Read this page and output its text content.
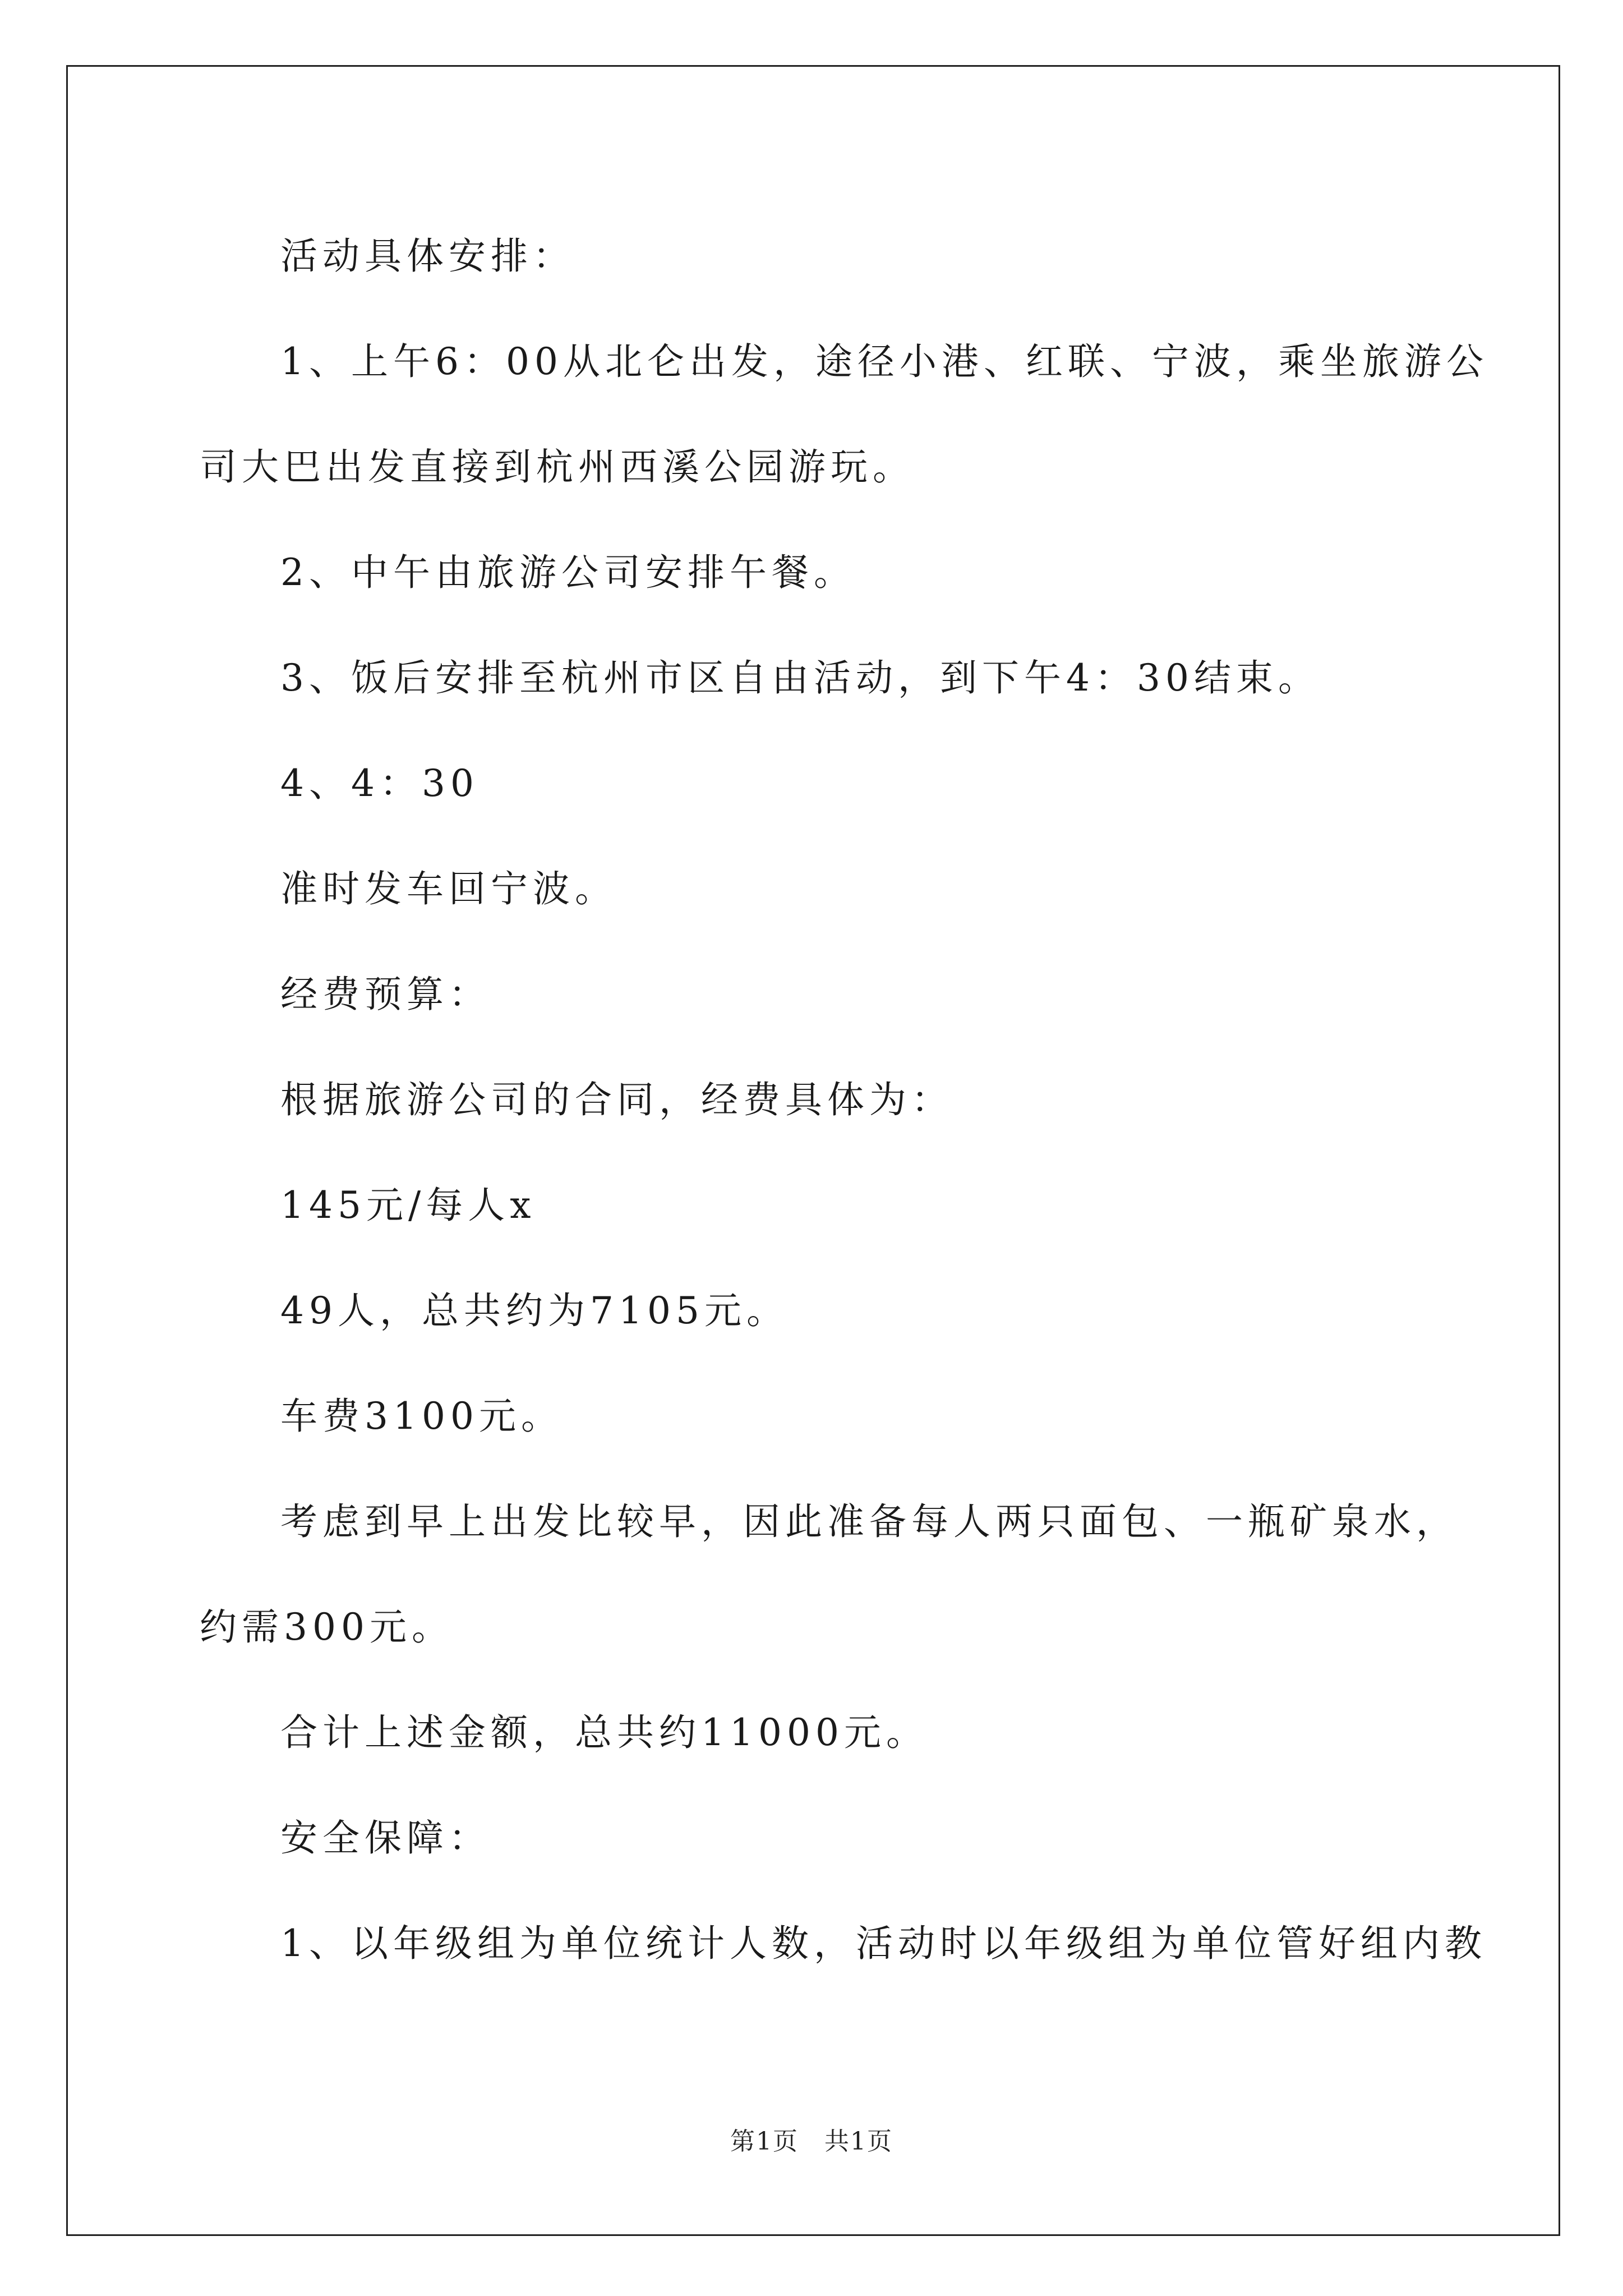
活动具体安排：
1、上午6：00从北仑出发，途径小港、红联、宁波，乘坐旅游公
司大巴出发直接到杭州西溪公园游玩。
2、中午由旅游公司安排午餐。
3、饭后安排至杭州市区自由活动，到下午4：30结束。
4、4：30
准时发车回宁波。
经费预算：
根据旅游公司的合同，经费具体为：
145元/每人x
49人，总共约为7105元。
车费3100元。
考虑到早上出发比较早，因此准备每人两只面包、一瓶矿泉水，
约需300元。
合计上述金额，总共约11000元。
安全保障：
1、以年级组为单位统计人数，活动时以年级组为单位管好组内教
第1页　共1页
